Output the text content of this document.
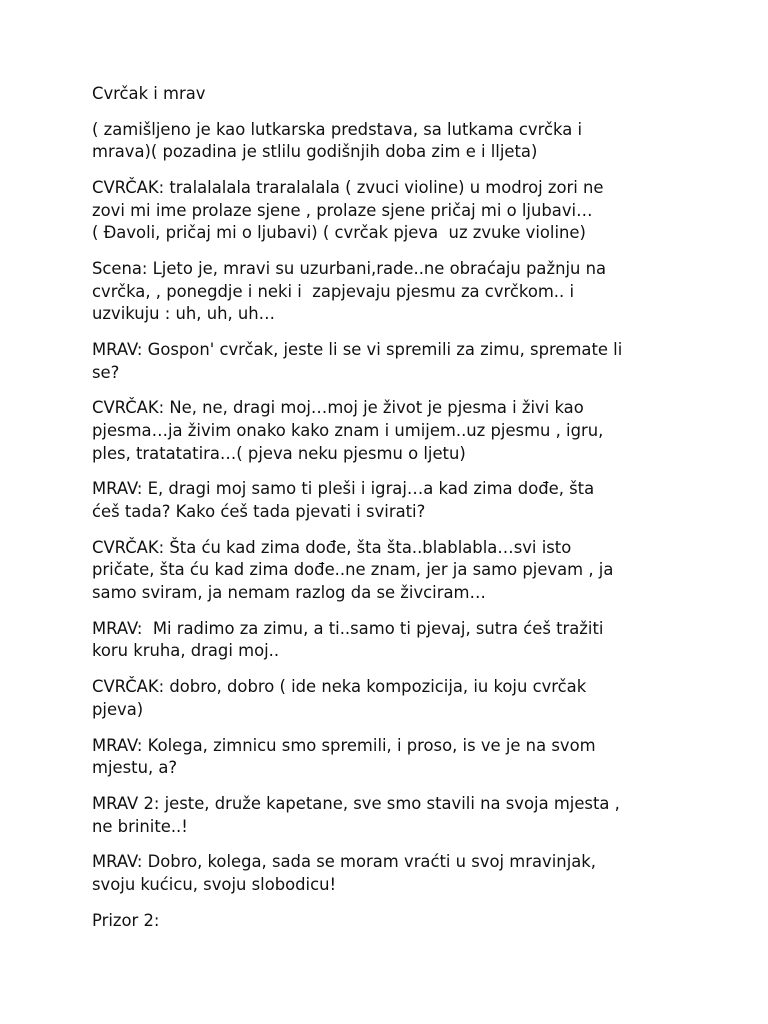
Cvrčak i mrav
( zamišljeno je kao lutkarska predstava, sa lutkama cvrčka i
mrava)( pozadina je stlilu godišnjih doba zim e i lljeta)
CVRČAK: tralalalala traralalala ( zvuci violine) u modroj zori ne
zovi mi ime prolaze sjene , prolaze sjene pričaj mi o ljubavi…
( Đavoli, pričaj mi o ljubavi) ( cvrčak pjeva  uz zvuke violine)
Scena: Ljeto je, mravi su uzurbani,rade..ne obraćaju pažnju na
cvrčka, , ponegdje i neki i  zapjevaju pjesmu za cvrčkom.. i
uzvikuju : uh, uh, uh…
MRAV: Gospon' cvrčak, jeste li se vi spremili za zimu, sprematе li
se?
CVRČAK: Ne, ne, dragi moj…moj je život je pjesma i živi kao
pjesma…ja živim onako kako znam i umijem..uz pjesmu , igru,
ples, tratatatira…( pjeva neku pjesmu o ljetu)
MRAV: E, dragi moj samo ti pleši i igraj…a kad zima dođe, šta
ćeš tada? Kako ćeš tada pjevati i svirati?
CVRČAK: Šta ću kad zima dođe, šta šta..blablabla…svi isto
pričate, šta ću kad zima dođe..ne znam, jer ja samo pjevam , ja
samo sviram, ja nemam razlog da se živciram…
MRAV:  Mi radimo za zimu, a ti..samo ti pjevaj, sutra ćeš tražiti
koru kruha, dragi moj..
CVRČAK: dobro, dobro ( ide neka kompozicija, iu koju cvrčak
pjeva)
MRAV: Kolega, zimnicu smo spremili, i proso, is ve je na svom
mjestu, a?
MRAV 2: jeste, druže kapetane, sve smo stavili na svoja mjesta ,
ne brinite..!
MRAV: Dobro, kolega, sada se moram vraćti u svoj mravinjak,
svoju kućicu, svoju slobodicu!
Prizor 2:
